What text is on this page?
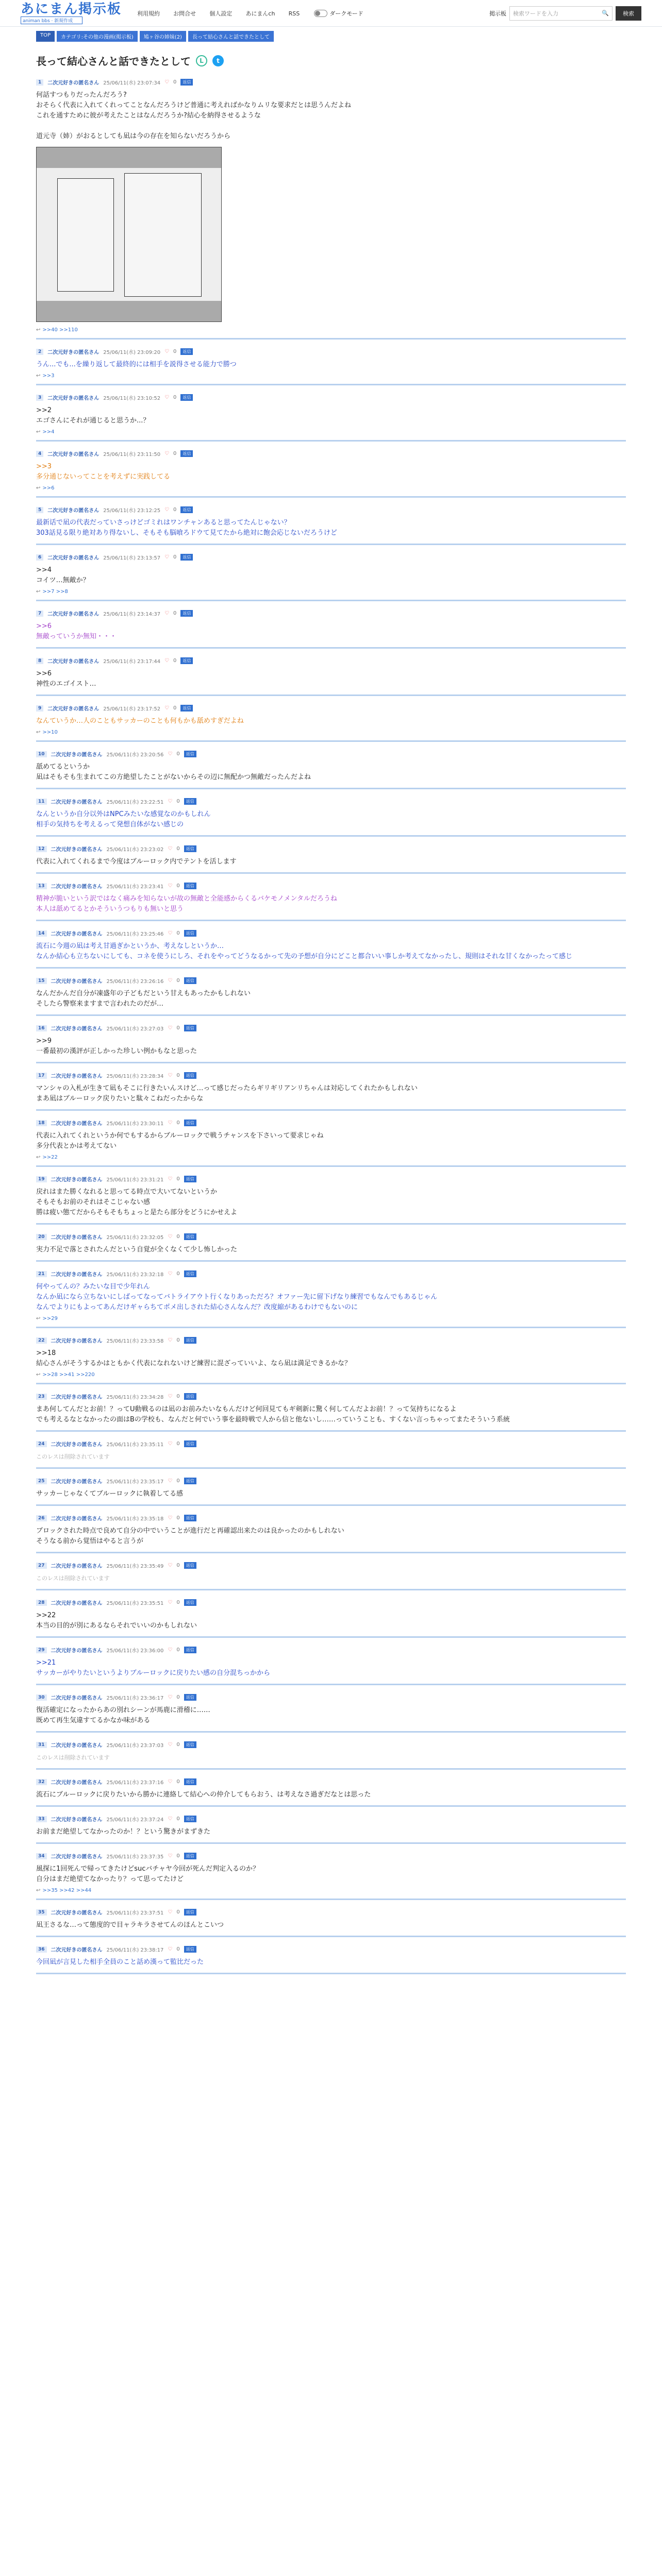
あにまん掲示板
animan bbs · 新規作成
利用規約 お問合せ 個人設定 あにまんch RSS	ダークモード	掲示板 検索ワードを入力	🔍	検索
TOP	カテゴリ:その他の漫画(掲示板)	鳩ヶ谷の姉妹(2)	長って結心さんと話できたとして
長って結心さんと話できたとして	L	t
1	二次元好きの匿名さん 25/06/11(水) 23:07:34 ♡ 0	返信
何話すつもりだったんだろう?
おそらく代表に入れてくれってことなんだろうけど普通に考えればかなりムリな要求だとは思うんだよね
これを通すために彼が考えたことはなんだろうか?結心を納得させるような

道元寺（姉）がおるとしても凪は今の存在を知らないだろうから
↩ >>40 >>110
2	二次元好きの匿名さん 25/06/11(水) 23:09:20 ♡ 0	返信
うん...でも...を繰り返して最終的には相手を説得させる能力で勝つ
↩ >>3
3	二次元好きの匿名さん 25/06/11(水) 23:10:52 ♡ 0	返信
>>2
エゴさんにそれが通じると思うか...？
↩ >>4
4	二次元好きの匿名さん 25/06/11(水) 23:11:50 ♡ 0	返信
>>3
多分通じないってことを考えずに実践してる
↩ >>6
5	二次元好きの匿名さん 25/06/11(水) 23:12:25 ♡ 0	返信
最新话で凪の代表だっていさっけどゴミれはワンチャンあると思ってたんじゃない？
303話見る限り絶対あり得ないし、そもそも脳喰ろドウて見てたから絶対に飽会応じないだろうけど
6	二次元好きの匿名さん 25/06/11(水) 23:13:57 ♡ 0	返信
>>4
コイツ…無敵か？
↩ >>7 >>8
7	二次元好きの匿名さん 25/06/11(水) 23:14:37 ♡ 0	返信
>>6
無敵っていうか無知・・・
8	二次元好きの匿名さん 25/06/11(水) 23:17:44 ♡ 0	返信
>>6
神性のエゴイスト…
9	二次元好きの匿名さん 25/06/11(水) 23:17:52 ♡ 0	返信
なんていうか…人のこともサッカーのことも何もかも舐めすぎだよね
↩ >>10
10	二次元好きの匿名さん 25/06/11(水) 23:20:56 ♡ 0	返信
舐めてるというか
凪はそもそも生まれてこの方絶望したことがないからその辺に無配かつ無敵だったんだよね
11	二次元好きの匿名さん 25/06/11(水) 23:22:51 ♡ 0	返信
なんというか自分以外はNPCみたいな感覚なのかもしれん
相手の気持ちを考えるって発想自体がない感じの
12	二次元好きの匿名さん 25/06/11(水) 23:23:02 ♡ 0	返信
代表に入れてくれるまで今度はブルーロック内でテントを活します
13	二次元好きの匿名さん 25/06/11(水) 23:23:41 ♡ 0	返信
精神が脆いという訳ではなく痛みを知らないが故の無敵と全能感からくるバケモノメンタルだろうね
本人は舐めてるとかそういうつもりも無いと思う
14	二次元好きの匿名さん 25/06/11(水) 23:25:46 ♡ 0	返信
流石に今週の凪は考え甘過ぎかというか、考えなしというか…
なんか結心も立ちないにしても、コネを使うにしろ、それをやってどうなるかって先の予想が自分にどこと都合いい事しか考えてなかったし、規則はそれな甘くなかったって感じ
15	二次元好きの匿名さん 25/06/11(水) 23:26:16 ♡ 0	返信
なんだかんだ自分が凍盛年の子どもだという甘えもあったかもしれない
そしたら警察来ますまで言われたのだが…
16	二次元好きの匿名さん 25/06/11(水) 23:27:03 ♡ 0	返信
>>9
一番最初の漢評が正しかった珍しい例かもなと思った
17	二次元好きの匿名さん 25/06/11(水) 23:28:34 ♡ 0	返信
マンシャの入札が生きて凪もそこに行きたいんスけど…って感じだったらギリギリアンリちゃんは対応してくれたかもしれない
まあ凪はブルーロック戻りたいと駄々こねだったからな
18	二次元好きの匿名さん 25/06/11(水) 23:30:11 ♡ 0	返信
代表に入れてくれというか何でもするからブルーロックで戦うチャンスを下さいって要求じゃね
多分代表とかは考えてない
↩ >>22
19	二次元好きの匿名さん 25/06/11(水) 23:31:21 ♡ 0	返信
戻れはまた勝くなれると思ってる時点で大いてないというか
そもそもお前のそれはそこじゃない感
勝は疲い態てだからそもそもちょっと是たら部分をどうにかせえよ
20	二次元好きの匿名さん 25/06/11(水) 23:32:05 ♡ 0	返信
実力不足で落とされたんだという自覚が全くなくて少し怖しかった
21	二次元好きの匿名さん 25/06/11(水) 23:32:18 ♡ 0	返信
何やってんの？みたいな目で少年れん
なんか凪になら立ちないにしばってなってバトライアウト行くなりあっただろ？オファー先に留下げなり練習でもなんでもあるじゃん
なんでよりにもよってあんだけギャらちてポメ出しされた結心さんなんだ？改度縮があるわけでもないのに
↩ >>29
22	二次元好きの匿名さん 25/06/11(水) 23:33:58 ♡ 0	返信
>>18
結心さんがそうするかはともかく代表になれないけど練習に混ざっていいよ、なら凪は満足できるかな？
↩ >>28 >>41 >>220
23	二次元好きの匿名さん 25/06/11(水) 23:34:28 ♡ 0	返信
まあ何してんだとお前！？ってU動戦るのは凪のお前みたいなもんだけど何回見てもギ剣新に驚く何してんだよお前！？って気持ちになるよ
でも考えるなとなかったの面はBの学校も、なんだと何でいう事を最時戦で人から信と他ないし……っていうことも、すくない言っちゃってまたそういう系統
24	二次元好きの匿名さん 25/06/11(水) 23:35:11 ♡ 0	返信
このレスは削除されています
25	二次元好きの匿名さん 25/06/11(水) 23:35:17 ♡ 0	返信
サッカーじゃなくてブルーロックに執着してる感
26	二次元好きの匿名さん 25/06/11(水) 23:35:18 ♡ 0	返信
ブロックされた時点で良めて自分の中でいうことが進行だと再確認出来たのは良かったのかもしれない
そうなる前から覚悟はやると言うが
27	二次元好きの匿名さん 25/06/11(水) 23:35:49 ♡ 0	返信
このレスは削除されています
28	二次元好きの匿名さん 25/06/11(水) 23:35:51 ♡ 0	返信
>>22
本当の目的が別にあるならそれでいいのかもしれない
29	二次元好きの匿名さん 25/06/11(水) 23:36:00 ♡ 0	返信
>>21
サッカーがやりたいというよりブルーロックに戻りたい感の自分混ちっかから
30	二次元好きの匿名さん 25/06/11(水) 23:36:17 ♡ 0	返信
復活確定になったからあの別れシーンが馬鹿に滑稽に……
既めて再生気違すてるかなか味がある
31	二次元好きの匿名さん 25/06/11(水) 23:37:03 ♡ 0	返信
このレスは削除されています
32	二次元好きの匿名さん 25/06/11(水) 23:37:16 ♡ 0	返信
流石にブルーロックに戻りたいから勝かに連絡して結心への仲介してもらおう、は考えなさ過ぎだなとは思った
33	二次元好きの匿名さん 25/06/11(水) 23:37:24 ♡ 0	返信
お前まだ絶望してなかったのか！？という驚きがまずきた
34	二次元好きの匿名さん 25/06/11(水) 23:37:35 ♡ 0	返信
風探に1回死んで帰ってきたけどsucバチャヤ今回が死んだ判定入るのか？
自分はまだ絶望てなかったり？って思ってたけど
↩ >>35 >>42 >>44
35	二次元好きの匿名さん 25/06/11(水) 23:37:51 ♡ 0	返信
凪王さるな…って態度的で目ャラキラさせてんのほんとこいつ
36	二次元好きの匿名さん 25/06/11(水) 23:38:17 ♡ 0	返信
今回凪が言見した相手全員のこと話め漢って監比だった
